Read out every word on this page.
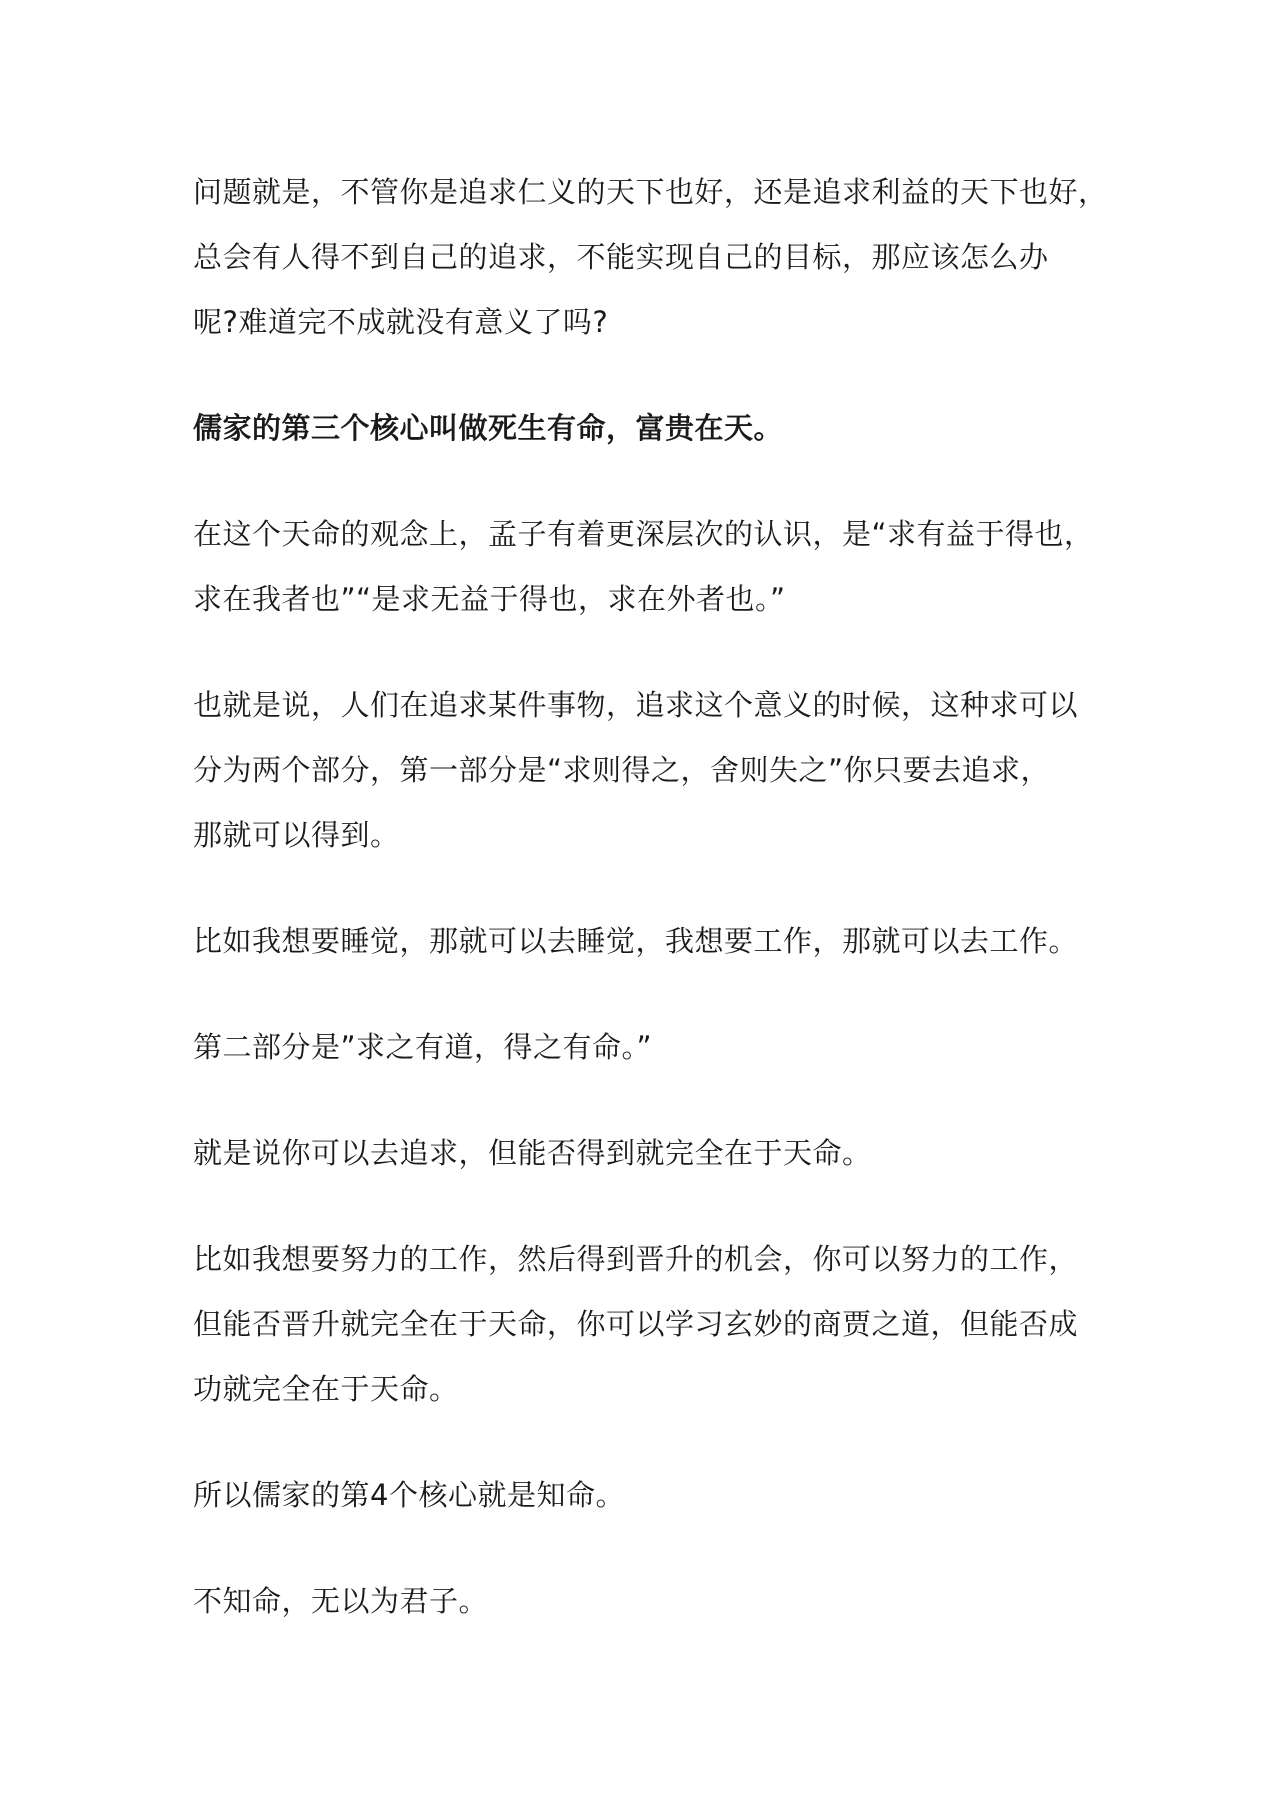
问题就是，不管你是追求仁义的天下也好，还是追求利益的天下也好，
总会有人得不到自己的追求，不能实现自己的目标，那应该怎么办
呢?难道完不成就没有意义了吗?

儒家的第三个核心叫做死生有命，富贵在天。

在这个天命的观念上，孟子有着更深层次的认识，是“求有益于得也，
求在我者也”“是求无益于得也，求在外者也。”

也就是说，人们在追求某件事物，追求这个意义的时候，这种求可以
分为两个部分，第一部分是“求则得之，舍则失之”你只要去追求，
那就可以得到。

比如我想要睡觉，那就可以去睡觉，我想要工作，那就可以去工作。

第二部分是”求之有道，得之有命。”

就是说你可以去追求，但能否得到就完全在于天命。

比如我想要努力的工作，然后得到晋升的机会，你可以努力的工作，
但能否晋升就完全在于天命，你可以学习玄妙的商贾之道，但能否成
功就完全在于天命。

所以儒家的第4个核心就是知命。

不知命，无以为君子。
